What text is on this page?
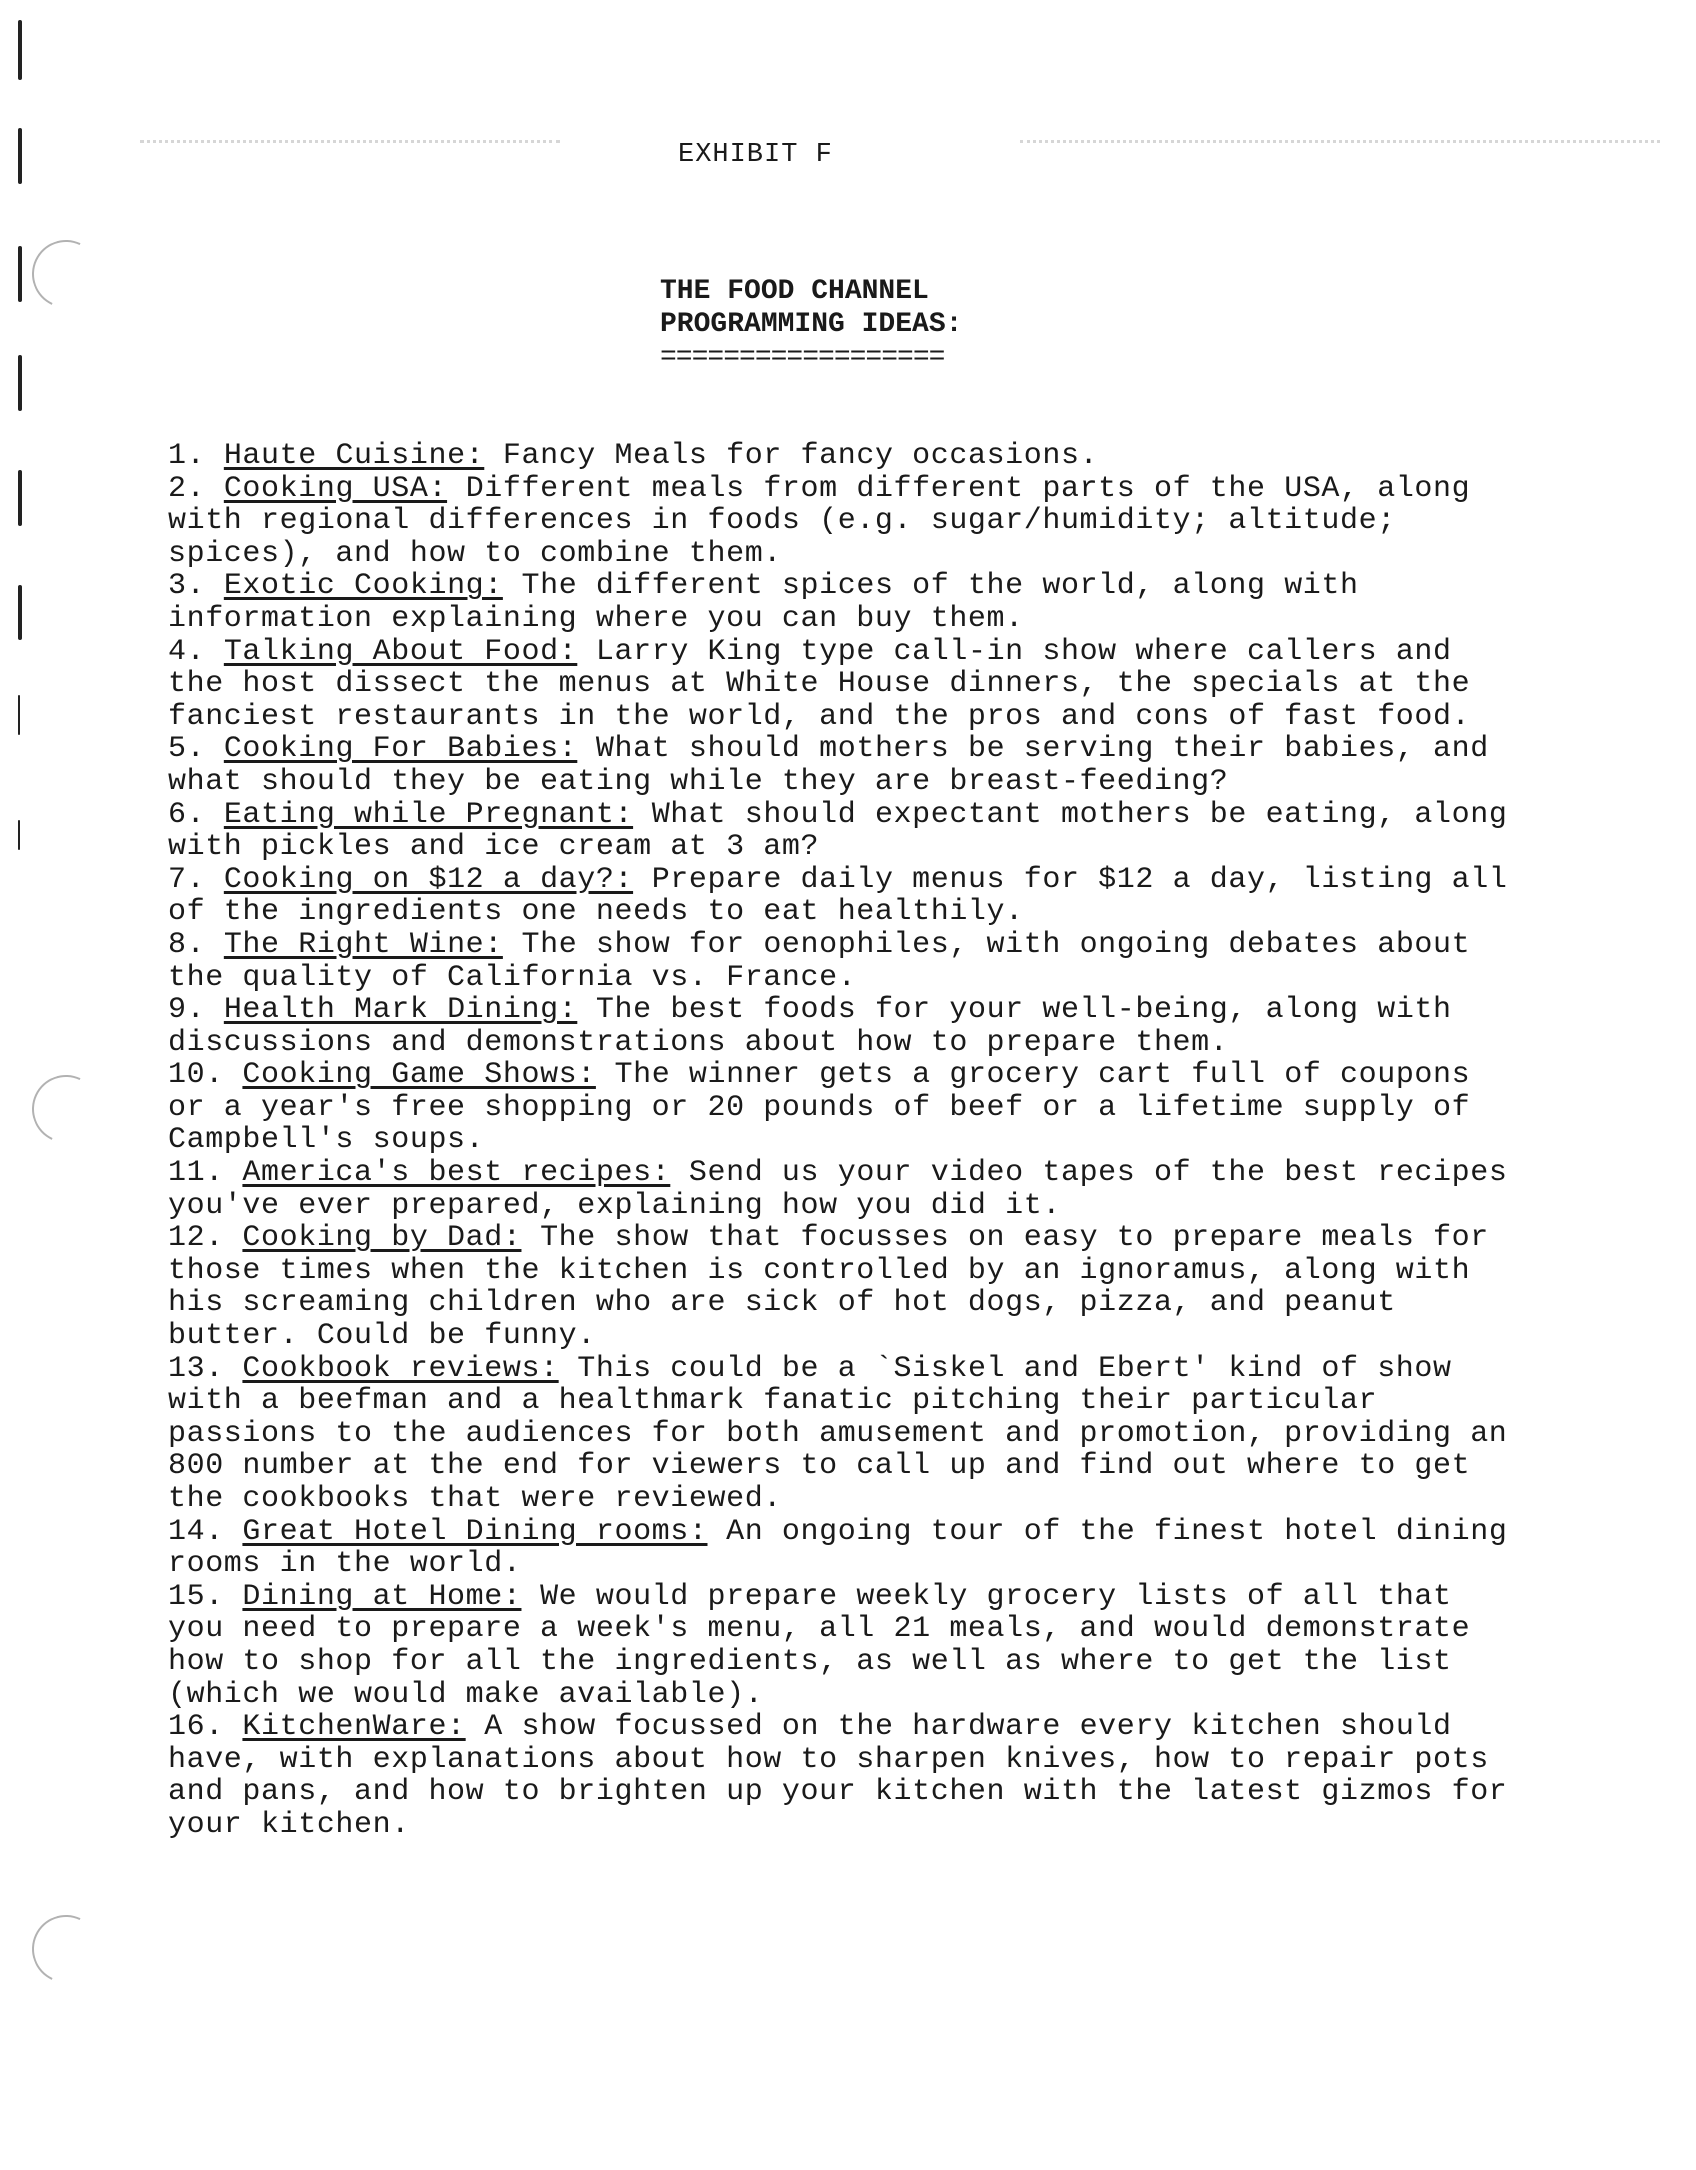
EXHIBIT F
THE FOOD CHANNEL
PROGRAMMING IDEAS:
==================

1. Haute Cuisine: Fancy Meals for fancy occasions.

2. Cooking USA: Different meals from different parts of the USA, along with regional differences in foods (e.g. sugar/humidity; altitude; spices), and how to combine them.

3. Exotic Cooking: The different spices of the world, along with information explaining where you can buy them.

4. Talking About Food: Larry King type call-in show where callers and the host dissect the menus at White House dinners, the specials at the fanciest restaurants in the world, and the pros and cons of fast food.

5. Cooking For Babies: What should mothers be serving their babies, and what should they be eating while they are breast-feeding?

6. Eating while Pregnant: What should expectant mothers be eating, along with pickles and ice cream at 3 am?

7. Cooking on $12 a day?: Prepare daily menus for $12 a day, listing all of the ingredients one needs to eat healthily.

8. The Right Wine: The show for oenophiles, with ongoing debates about the quality of California vs. France.

9. Health Mark Dining: The best foods for your well-being, along with discussions and demonstrations about how to prepare them.

10. Cooking Game Shows: The winner gets a grocery cart full of coupons or a year's free shopping or 20 pounds of beef or a lifetime supply of Campbell's soups.

11. America's best recipes: Send us your video tapes of the best recipes you've ever prepared, explaining how you did it.

12. Cooking by Dad: The show that focusses on easy to prepare meals for those times when the kitchen is controlled by an ignoramus, along with his screaming children who are sick of hot dogs, pizza, and peanut butter. Could be funny.

13. Cookbook reviews: This could be a `Siskel and Ebert' kind of show with a beefman and a healthmark fanatic pitching their particular passions to the audiences for both amusement and promotion, providing an 800 number at the end for viewers to call up and find out where to get the cookbooks that were reviewed.

14. Great Hotel Dining rooms: An ongoing tour of the finest hotel dining rooms in the world.

15. Dining at Home: We would prepare weekly grocery lists of all that you need to prepare a week's menu, all 21 meals, and would demonstrate how to shop for all the ingredients, as well as where to get the list (which we would make available).

16. KitchenWare: A show focussed on the hardware every kitchen should have, with explanations about how to sharpen knives, how to repair pots and pans, and how to brighten up your kitchen with the latest gizmos for your kitchen.
